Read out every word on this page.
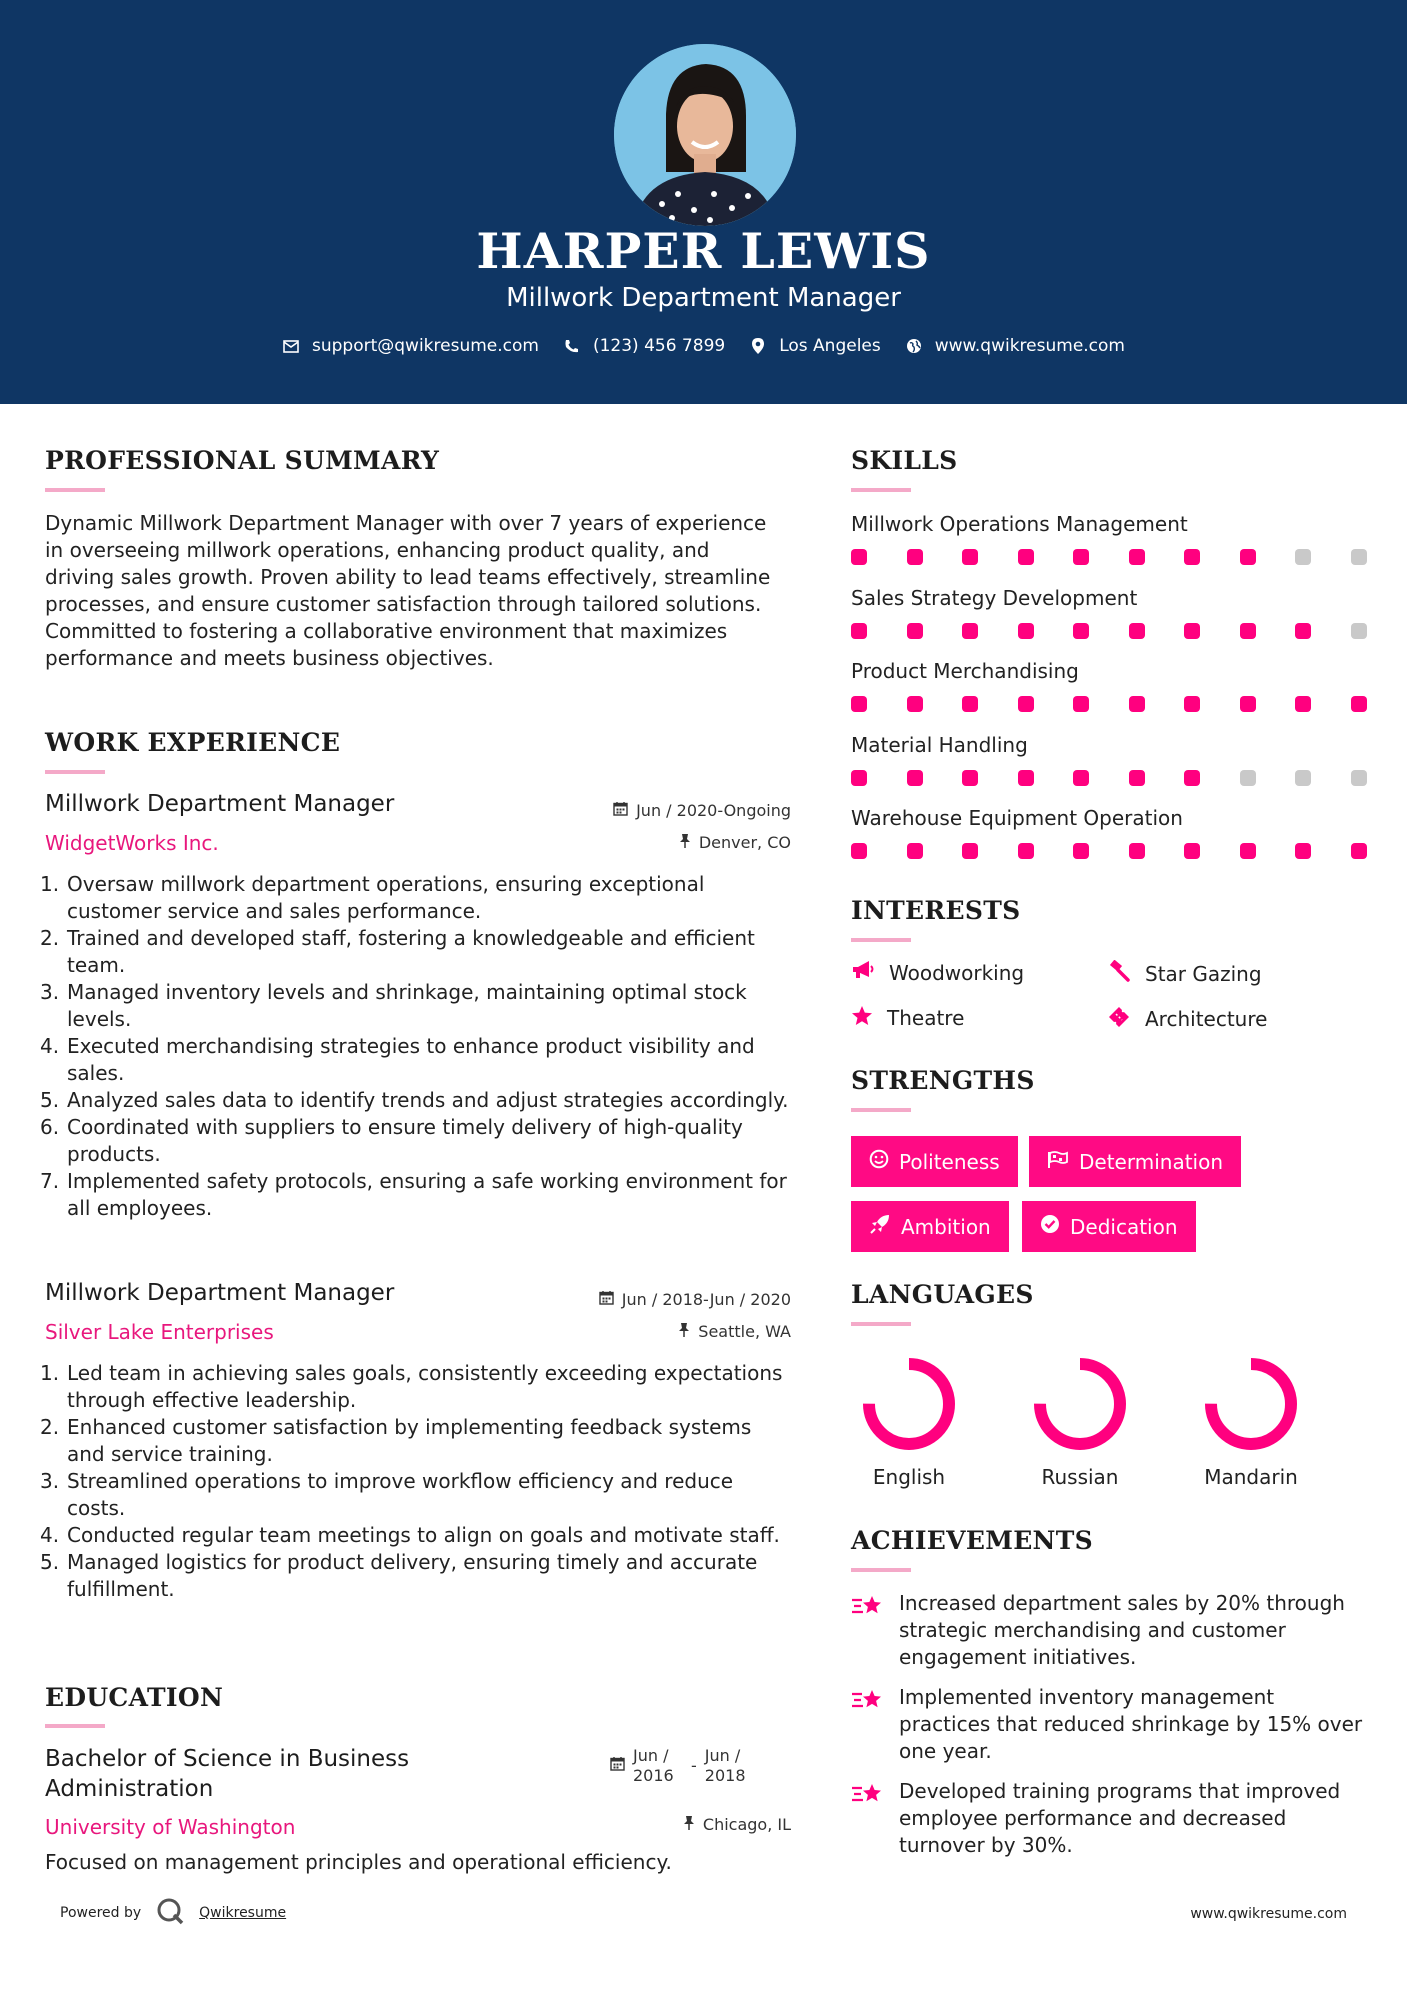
HARPER LEWIS
Millwork Department Manager
support@qwikresume.com	(123) 456 7899	Los Angeles	www.qwikresume.com
PROFESSIONAL SUMMARY
Dynamic Millwork Department Manager with over 7 years of experience in overseeing millwork operations, enhancing product quality, and driving sales growth. Proven ability to lead teams effectively, streamline processes, and ensure customer satisfaction through tailored solutions. Committed to fostering a collaborative environment that maximizes performance and meets business objectives.
WORK EXPERIENCE
Millwork Department Manager	Jun / 2020-Ongoing
WidgetWorks Inc.	Denver, CO
1. Oversaw millwork department operations, ensuring exceptional customer service and sales performance.
2. Trained and developed staff, fostering a knowledgeable and efficient team.
3. Managed inventory levels and shrinkage, maintaining optimal stock levels.
4. Executed merchandising strategies to enhance product visibility and sales.
5. Analyzed sales data to identify trends and adjust strategies accordingly.
6. Coordinated with suppliers to ensure timely delivery of high-quality products.
7. Implemented safety protocols, ensuring a safe working environment for all employees.
Millwork Department Manager	Jun / 2018-Jun / 2020
Silver Lake Enterprises	Seattle, WA
1. Led team in achieving sales goals, consistently exceeding expectations through effective leadership.
2. Enhanced customer satisfaction by implementing feedback systems and service training.
3. Streamlined operations to improve workflow efficiency and reduce costs.
4. Conducted regular team meetings to align on goals and motivate staff.
5. Managed logistics for product delivery, ensuring timely and accurate fulfillment.
EDUCATION
Bachelor of Science in Business Administration
Jun / 2016
-
Jun / 2018
University of Washington	Chicago, IL
Focused on management principles and operational efficiency.
SKILLS
Millwork Operations Management
Sales Strategy Development
Product Merchandising
Material Handling
Warehouse Equipment Operation
INTERESTS
Woodworking	Star Gazing
Theatre	Architecture
STRENGTHS
Politeness	Determination
Ambition	Dedication
LANGUAGES
English	Russian	Mandarin
ACHIEVEMENTS
Increased department sales by 20% through strategic merchandising and customer engagement initiatives.
Implemented inventory management practices that reduced shrinkage by 15% over one year.
Developed training programs that improved employee performance and decreased turnover by 30%.
Powered by	Qwikresume	www.qwikresume.com
